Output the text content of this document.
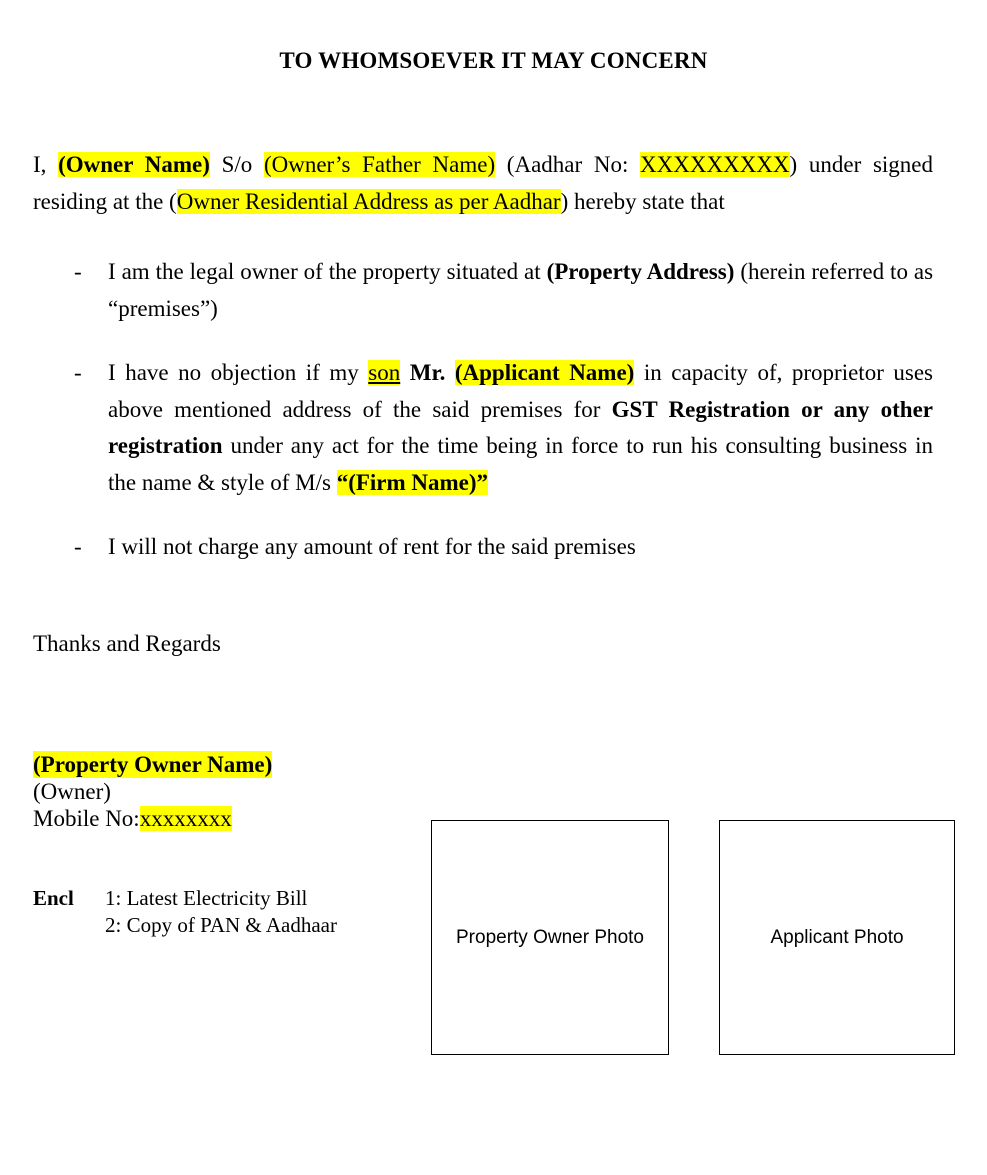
TO WHOMSOEVER IT MAY CONCERN
I, (Owner Name) S/o (Owner’s Father Name) (Aadhar No: XXXXXXXXX) under signed residing at the (Owner Residential Address as per Aadhar) hereby state that
- I am the legal owner of the property situated at (Property Address) (herein referred to as “premises”)
- I have no objection if my son Mr. (Applicant Name) in capacity of, proprietor uses above mentioned address of the said premises for GST Registration or any other registration under any act for the time being in force to run his consulting business in the name & style of M/s “(Firm Name)”
- I will not charge any amount of rent for the said premises
Thanks and Regards
(Property Owner Name)
(Owner)
Mobile No:xxxxxxxx
Encl	1: Latest Electricity Bill
2: Copy of PAN & Aadhaar
Property Owner Photo	Applicant Photo
